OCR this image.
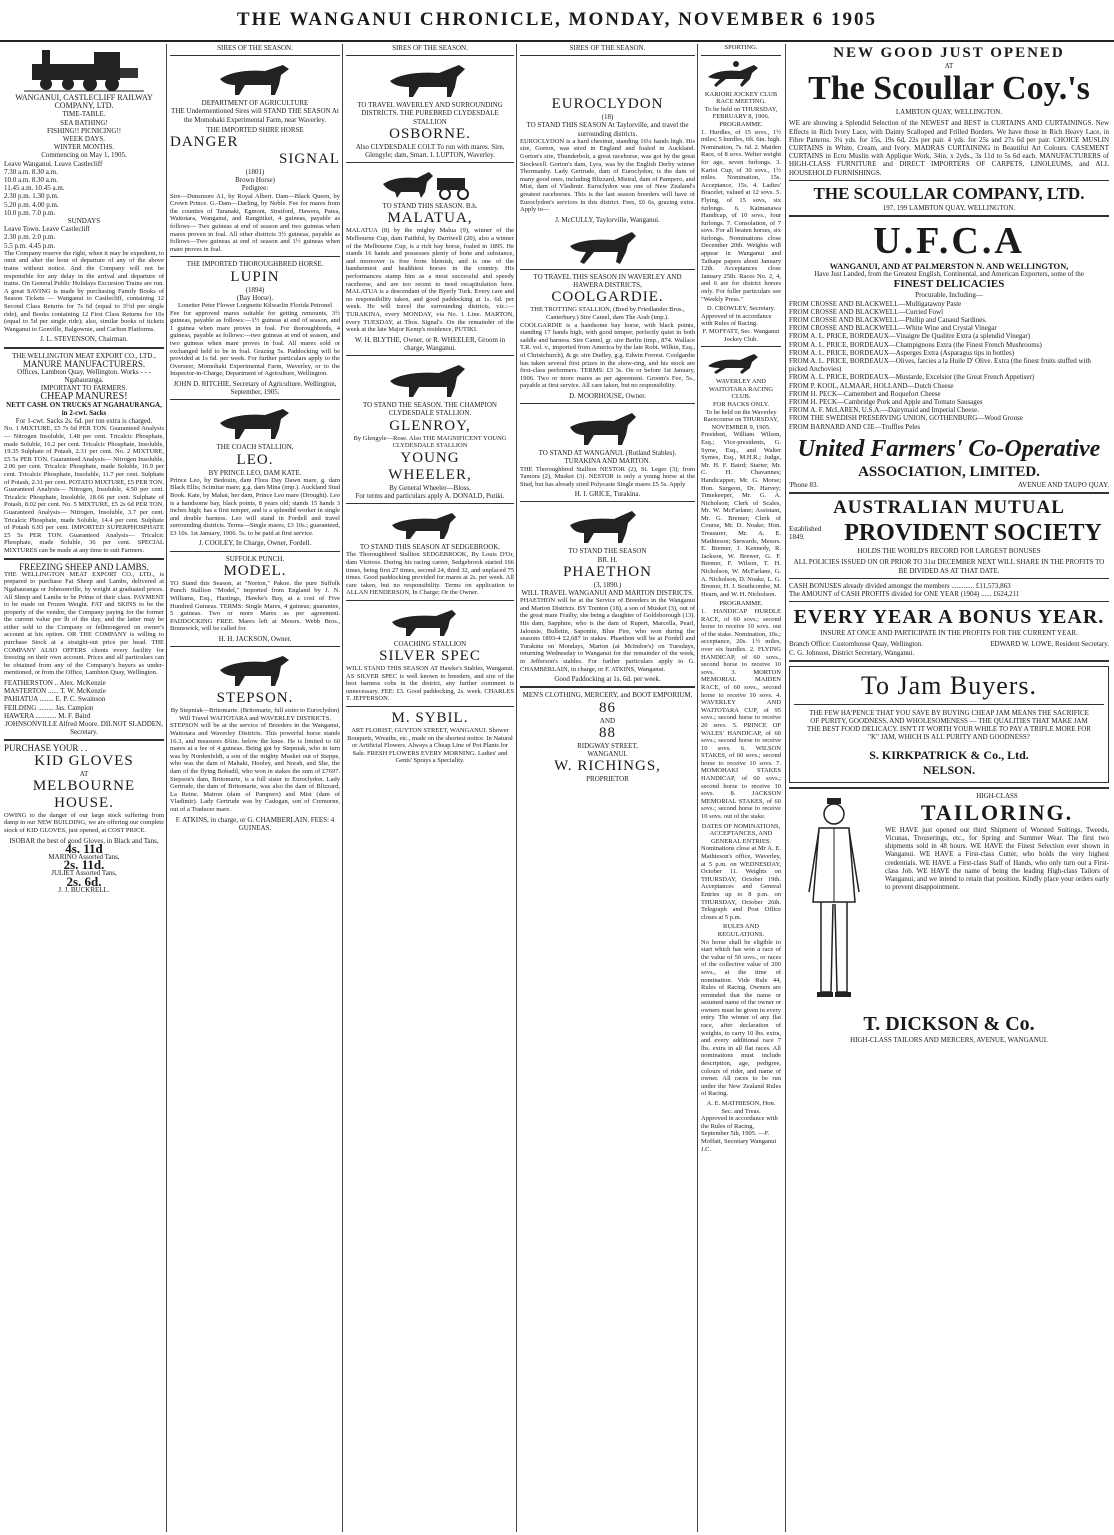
THE WANGANUI CHRONICLE, MONDAY, NOVEMBER 6 1905
WANGANUI, CASTLECLIFF RAILWAY COMPANY, LTD.
TIME-TABLE.
SEA BATHING!
FISHING!! PICNICING!!
WEEK DAYS.
WINTER MONTHS.
Commencing on May 1, 1905.
Leave Wanganui. Leave Castlecliff
7.30 a.m. 8.30 a.m.
10.0 a.m. 8.30 a.m.
11.45 a.m. 10.45 a.m.
2.30 p.m. 1.30 p.m.
5.20 p.m. 4.00 p.m.
10.0 p.m. 7.0 p.m.
SUNDAYS
Leave Town. Leave Castlecliff
2.30 p.m. 2.0 p.m.
5.5 p.m. 4.45 p.m.

The Company reserve the right, when it may be expedient, to omit and alter the hour of departure of any of the above trains without notice. And the Company will not be responsible for any delay in the arrival and departure of trains. On General Public Holidays Excursion Trains are run. A great SAVING is made by purchasing Family Books of Season Tickets — Wanganui to Castlecliff, containing 12 Second Class Returns for 7s 6d (equal to 3½d per single ride), and Books containing 12 First Class Returns for 10s (equal to 5d per single ride); also, similar books of tickets Wanganui to Gonville, Balgownie, and Carlton Platforms.

J. L. STEVENSON, Chairman.
THE WELLINGTON MEAT EXPORT CO., LTD.,
MANURE MANUFACTURERS.
Offices, Lambton Quay, Wellington. Works - - - Ngahauranga.
IMPORTANT TO FARMERS.
CHEAP MANURES!
NETT CASH. ON TRUCKS AT NGAHAURANGA, in 2-cwt. Sacks
For 1-cwt. Sacks 2s. 6d. per ton extra is charged.

No. 1 MIXTURE, £5 7s 6d PER TON. Guaranteed Analysis— Nitrogen Insoluble, 1.48 per cent. Tricalcic Phosphate, made Soluble, 16.2 per cent. Tricalcic Phosphate, Insoluble, 19.35 Sulphate of Potash, 2.31 per cent. No. 2 MIXTURE, £5 5s PER TON. Guaranteed Analysis— Nitrogen Insoluble, 2.06 per cent. Tricalcic Phosphate, made Soluble, 16.9 per cent. Tricalcic Phosphate, Insoluble, 11.7 per cent. Sulphate of Potash, 2.31 per cent. POTATO MIXTURE, £5 PER TON. Guaranteed Analysis— Nitrogen, Insoluble, 4.50 per cent. Tricalcic Phosphate, Insoluble, 18.66 per cent. Sulphate of Potash, 8.02 per cent. No. 5 MIXTURE, £5 2s 6d PER TON. Guaranteed Analysis— Nitrogen, Insoluble, 3.7 per cent. Tricalcic Phosphate, made Soluble, 14.4 per cent. Sulphate of Potash 6.93 per cent. IMPORTED SUPERPHOSPHATE £5 5s PER TON. Guaranteed Analysis— Tricalcic Phosphate, made Soluble, 36 per cent. SPECIAL MIXTURES can be made at any time to suit Farmers.

FREEZING SHEEP AND LAMBS.

THE WELLINGTON MEAT EXPORT CO., LTD., is prepared to purchase Fat Sheep and Lambs, delivered at Ngahauranga or Johnsonville, by weight at graduated prices. All Sheep and Lambs to be Prime of their class. PAYMENT to be made on Frozen Weight. FAT and SKINS to be the property of the vendor, the Company paying for the former the current value per lb of the day, and the latter may be either sold to the Company or fellmongered on owner's account at his option. OR THE COMPANY is willing to purchase Stock at a straight-out price per head. THE COMPANY ALSO OFFERS clients every facility for freezing on their own account. Prices and all particulars can be obtained from any of the Company's buyers as under-mentioned, or from the Office, Lambton Quay, Wellington.

FEATHERSTON .. Alex. McKenzie
MASTERTON ...... T. W. McKenzie
PAHIATUA ........ E. P. C. Swainson
FEILDING ......... Jas. Campion
HAWERA ............ M. F. Baird
JOHNSONVILLE Alfred Moore. DILNOT SLADDEN, Secretary.
PURCHASE YOUR . .
KID GLOVES
AT
MELBOURNE HOUSE.

OWING to the danger of our large stock suffering from damp in our NEW BUILDING, we are offering our complete stock of KID GLOVES, just opened, at COST PRICE.

ISOBAR the best of good Gloves, in Black and Tans,
4s. 11d
MARINO Assorted Tans,
2s. 11d.
JULIET Assorted Tans,
2s. 6d.
J. J. BUCKRELL.
SIRES OF THE SEASON.
DEPARTMENT OF AGRICULTURE

THE Undermentioned Sires will STAND THE SEASON At the Momohaki Experimental Farm, near Waverley.

THE IMPORTED SHIRE HORSE
DANGER
SIGNAL
(1801)
Brown Horse)
Pedigree:

Sire—Dunsmore A1, by Royal Albert. Dam—Black Queen, by Crown Prince. G.-Dam—Darling, by Noble. Fee for mares from the counties of Taranaki, Egmont, Stratford, Hawera, Patea, Waitotara, Wanganui, and Rangitikei, 4 guineas, payable as follows— Two guineas at end of season and two guineas when mares proven in foal. All other districts 3½ guineas, payable as follows—Two guineas at end of season and 1½ guineas when mare proves in foal.

THE IMPORTED THOROUGHBRED HORSE.
LUPIN
(1894)
(Bay Horse).
Lonetter Peter Flower Lorgnette Kilwarlin Florida Petronel

Fee for approved mares suitable for getting remounts, 3½ guineas, payable as follows:—1½ guineas at end of season, and 1 guinea when mare proves in foal. For thoroughbreds, 4 guineas, payable as follows:—two guineas at end of season, and two guineas when mare proves in foal. All mares sold or exchanged held to be in foal. Grazing 5s. Paddocking will be provided at 1s 6d. per week. For further particulars apply to the Overseer, Momohaki Experimental Farm, Waverley, or to the Inspector-in-Charge, Department of Agriculture, Wellington.

JOHN D. RITCHIE, Secretary of Agriculture. Wellington, September, 1905.
THE COACH STALLION,
LEO.
BY PRINCE LEO, DAM KATE.

Prince Leo, by Bedouin, dam Flora Day Dawn mare, g. dam Black Ellis; Scimitar mare; g.g. dam Mina (imp.). Auckland Stud Book. Kate, by Mahai, her dam, Prince Leo mare (Drought). Leo is a handsome bay, black points, 8 years old; stands 15 hands 3 inches high; has a first temper, and is a splendid worker in single and double harness. Leo will stand in Fordell and travel surrounding districts. Terms—Single mares, £3 10s.; guaranteed, £3 10s. 1st January, 1906. 5s. to be paid at first service.

J. COOLEY, In Charge, Owner, Fordell.
SUFFOLK PUNCH.
MODEL.

TO Stand this Season, at "Norton," Pakoe. the pure Suffolk Punch Stallion "Model," imported from England by J. N. Williams, Esq., Hastings, Hawke's Bay, at a cost of Five Hundred Guineas. TERMS: Single Mares, 4 guineas; guarantee, 5 guineas. Two or more Mares as per agreement. PADDOCKING FREE. Mares left at Messrs. Webb Bros., Brunswick, will be called for.

H. H. JACKSON, Owner.
STEPSON.
By Stepniak—Britomarte. (Britomarte, full sister to Euroclydon) Will Travel WAITOTARA and WAVERLEY DISTRICTS.

STEPSON will be at the service of Breeders in the Wanganui, Waitotara and Waverley Districts. This powerful horse stands 16.3, and measures 8¾in. below the knee. He is limited to 60 mares at a fee of 4 guineas. Being got by Stepniak, who in turn was by Nordenfeldt, a son of the mighty Musket out of Steppe, who was the dam of Mahaki, Hooley, and Norah, and She, the dam of the flying Bobadil, who won in stakes the sum of £7697. Stepson's dam, Britomarte, is a full sister to Euroclydon. Lady Gertrude, the dam of Britomarte, was also the dam of Blizzard, La Reine. Matron (dam of Pampero) and Mist (dam of Vladimir). Lady Gertrude was by Cadogan, son of Cremorne, out of a Traducer mare.

F. ATKINS, in charge, or G. CHAMBERLAIN. FEES: 4 GUINEAS.
SIRES OF THE SEASON.
TO TRAVEL WAVERLEY AND SURROUNDING DISTRICTS. THE PUREBRED CLYDESDALE STALLION
OSBORNE.

Also CLYDESDALE COLT To run with mares. Sire, Glengyle; dam, Smart. I. LUPTON, Waverley.

TO STAND THIS SEASON. B.h.
MALATUA,

MALATUA (8) by the mighty Malua (9), winner of the Melbourne Cup, dam Faithful, by Darriwell (20), also a winner of the Melbourne Cup, is a rich bay horse, foaled in 1895. He stands 16 hands and possesses plenty of bone and substance, and moreover is free from blemish, and is one of the handsomest and healthiest horses in the country. His performances stamp him as a most successful and speedy racehorse, and are too recent to need recapitulation here. MALATUA is a descendant of the Byerly Turk. Every care and no responsibility taken, and good paddocking at 1s. 6d. per week. He will travel the surrounding districts, viz.:— TURAKINA, every MONDAY, via No. 1 Line. MARTON, every TUESDAY, at Thos. Signal's. On the remainder of the week at the late Major Kemp's residence, PUTIKI.

W. H. BLYTHE, Owner, or R. WHEELER, Groom in charge, Wanganui.
TO STAND THE SEASON. THE CHAMPION CLYDESDALE STALLION.
GLENROY,
By Glengyle—Rose. Also THE MAGNIFICENT YOUNG CLYDESDALE STALLION
YOUNG
WHEELER,
By General Wheeler—Bloss.
For terms and particulars apply A. DONALD, Putiki.
TO STAND THIS SEASON AT SEDGEBROOK.

The Thoroughbred Stallion SEDGEBROOK, By Louis D'Or, dam Victress. During his racing career, Sedgebrook started 166 times, being first 27 times, second 24, third 32, and unplaced 75 times. Good paddocking provided for mares at 2s. per week. All care taken, but no responsibility. Terms on application to ALLAN HENDERSON, In Charge; Or the Owner.

COACHING STALLION
SILVER SPEC

WILL STAND THIS SEASON AT Hawke's Stables, Wanganui. AS SILVER SPEC is well known to breeders, and sire of the best harness cobs in the district, any further comment is unnecessary. FEE: £3. Good paddocking, 2s. week. CHARLES T. JEFFERSON.

M. SYBIL.

ART FLORIST, GUYTON STREET, WANGANUI. Shower Bouquets, Wreaths, etc., made on the shortest notice. In Natural or Artificial Flowers. Always a Cheap Line of Pot Plants for Sale. FRESH FLOWERS EVERY MORNING. Ladies' and Gents' Sprays a Speciality.

SIRES OF THE SEASON.
EUROCLYDON
(18)
TO STAND THIS SEASON At Taylorville, and travel the surrounding districts.

EUROCLYDON is a hard chestnut, standing 16¼ hands high. His sire, Gorton, was sired in England and foaled in Auckland. Gorton's sire, Thunderbolt, a great racehorse, was got by the great Stockwell. Gorton's dam, Lyra, was by the English Derby winner Thormanby. Lady Gertrude, dam of Euroclydon, is the dam of many good ones, including Blizzard, Mistral, dam of Pampero, and Mist, dam of Vladimir. Euroclydon was one of New Zealand's greatest racehorses. This is the last season breeders will have of Euroclydon's services in this district. Fees, £6 6s, grazing extra. Apply to—

J. McCULLY, Taylorville, Wanganui.
TO TRAVEL THIS SEASON IN WAVERLEY AND HAWERA DISTRICTS,
COOLGARDIE.
THE TROTTING STALLION, (Bred by Friedlander Bros., Canterbury.) Sire Camel, dam The Arab (imp.).

COOLGARDIE is a handsome bay horse, with black points, standing 17 hands high, with good temper, perfectly quiet in both saddle and harness. Sire Camel, gr. sire Berlin (imp., 874. Wallace T.R. vol. v., imported from America by the late Robt. Wilkin, Esq., of Christchurch), & gr. sire Dudley, g.g. Edwin Forrest. Coolgardie has taken several first prizes in the show-ring, and his stock are first-class performers. TERMS: £3 3s. On or before 1st January, 1906. Two or more mares as per agreement. Groom's Fee, 5s., payable at first service. All care taken, but no responsibility.

D. MOORHOUSE, Owner.
TO STAND AT WANGANUI. (Rutland Stables). TURAKINA AND MARTON.

THE Thoroughbred Stallion NESTOR (2), St. Leger (3); from Tamora (2), Musket (3). NESTOR is only a young horse at the Stud, but has already sired Polycaste Single mares £5 5s. Apply

H. I. GRICE, Turakina.
TO STAND THE SEASON
BR. H.
PHAETHON
(3, 1890.)
WILL TRAVEL WANGANUI AND MARTON DISTRICTS.

PHAETHON will be at the Service of Breeders in the Wanganui and Marton Districts. BY Trenton (18), a son of Musket (3), out of the great mare Frailty, she being a daughter of Goldsborough (13). His dam, Sapphire, who is the dam of Rupert, Marcella, Pearl, Jalousie, Bulletin, Saponite, Blue Fire, who won during the seasons 1893-4 £2,687 in stakes. Phaethon will be at Fordell and Turakina on Mondays, Marton (at McIndoe's) on Tuesdays, returning Wednesday to Wanganui for the remainder of the week, in Jefferson's stables. For further particulars apply to G. CHAMBERLAIN, in charge, or F. ATKINS, Wanganui.

Good Paddocking at 1s. 6d. per week.
MEN'S CLOTHING, MERCERY, and BOOT EMPORIUM.
86
AND
88
RIDGWAY STREET,
WANGANUI.
W. RICHINGS,
PROPRIETOR
SPORTING.
KARIORI JOCKEY CLUB RACE MEETING.
To be held on THURSDAY, FEBRUARY 8, 1906.
PROGRAMME.

1. Hurdles, of 15 sovs., 1½ miles; 5 hurdles, 6ft. 6in. high. Nomination, 7s. 6d. 2. Maiden Race, of 8 sovs. Welter weight for age, seven furlongs. 3. Karioi Cup, of 30 sovs., 1½ miles. Nomination, 15s. Acceptance, 15s. 4. Ladies' Bracelet, valued at 12 sovs. 5. Flying, of 15 sovs, six furlongs. 6. Kaimanawa Handicap, of 10 sovs., four furlongs. 7. Consolation, of 7 sovs. For all beaten horses, six furlongs. Nominations close December 20th. Weights will appear in Wanganui and Taihape papers about January 12th. Acceptances close January 25th. Races No. 2, 4, and 6 are for district horses only. For fuller particulars see "Weekly Press."

D. CROWLEY, Secretary.
Approved of in accordance with Rules of Racing.
F. MOFFATT, Sec. Wanganui Jockey Club.
WAVERLEY AND WAITOTARA RACING CLUB.
FOR HACKS ONLY.
To be held on the Waverley Racecourse on THURSDAY, NOVEMBER 9, 1905.

President, William Wilson, Esq.; Vice-presidents, G. Syme, Esq., and Walter Symes, Esq., M.H.R.; Judge, Mr. H. F. Baird; Starter, Mr. C. H. Chavannes; Handicapper, Mr. G. Morse; Hon. Surgeon, Dr. Harvey; Timekeeper, Mr. G. A. Nicholson; Clerk of Scales, Mr. W. McFarlane; Assistant, Mr. G. Bremer; Clerk of Course, Mr. D. Noake; Hon. Treasurer, Mr. A. E. Mathieson; Stewards, Messrs. E. Bremer, J. Kennedy, R. Jackson, W. Brewer, G. F. Bremer, F. Wilson, T. H. Nicholson, W. McFarlane, G. A. Nicholson, D. Noake, L. G. Bremer, H. J. Southcombe, M. Hearn, and W. H. Nicholson.

PROGRAMME.

1. HANDICAP HURDLE RACE, of 60 sovs.; second horse to receive 10 sovs. out of the stake. Nomination, 10s.; acceptance, 20s. 1½ miles, over six hurdles. 2. FLYING HANDICAP, of 60 sovs., second horse to receive 10 sovs. 3. MORTON MEMORIAL MAIDEN RACE, of 60 sovs., second horse to receive 10 sovs. 4. WAVERLEY AND WAITOTARA CUP, of 95 sovs.; second horse to receive 20 sovs. 5. PRINCE OF WALES' HANDICAP, of 60 sovs.; second horse to receive 10 sovs. 6. WILSON STAKES, of 60 sovs.; second horse to receive 10 sovs. 7. MOMOHAKI STAKES HANDICAP, of 60 sovs.; second horse to receive 10 sovs. 8. JACKSON MEMORIAL STAKES, of 60 sovs.; second horse to receive 10 sovs. out of the stake.

DATES OF NOMINATIONS, ACCEPTANCES, AND GENERAL ENTRIES.

Nominations close at Mr A. E. Mathieson's office, Waverley, at 5 p.m. on WEDNESDAY, October 11. Weights on THURSDAY, October 19th. Acceptances and General Entries up to 8 p.m. on THURSDAY, October 26th. Telegraph and Post Office closes at 5 p.m.

RULES AND REGULATIONS.

No horse shall be eligible to start which has won a race of the value of 50 sovs., or races of the collective value of 200 sovs., at the time of nomination. Vide Rule 44, Rules of Racing. Owners are reminded that the name or assumed name of the owner or owners must be given in every entry. The winner of any flat race, after declaration of weights, to carry 10 lbs. extra, and every additional race 7 lbs. extra in all flat races. All nominations must include description, age, pedigree, colours of rider, and name of owner. All races to be run under the New Zealand Rules of Racing.

A. E. MATHIESON, Hon. Sec. and Treas.
Approved in accordance with the Rules of Racing, September 5th, 1905. —F. Moffatt, Secretary Wanganui J.C.
NEW GOOD JUST OPENED
AT
The Scoullar Coy.'s
LAMBTON QUAY, WELLINGTON.

WE are showing a Splendid Selection of the NEWEST and BEST in CURTAINS AND CURTAININGS. New Effects in Rich Ivory Lace, with Dainty Scalloped and Frilled Borders. We have those in Rich Heavy Lace, in Fibre Patterns. 3¼ yds. for 15s, 19s 6d, 22s per pair. 4 yds. for 25s and 27s 6d per pair. CHOICE MUSLIN CURTAINS in White, Cream, and Ivory. MADRAS CURTAINING in Beautiful Art Colours. CASEMENT CURTAINS in Ecru Muslin with Applique Work, 34in. x 2yds., 3s 11d to 5s 6d each. MANUFACTURERS of HIGH-CLASS FURNITURE and DIRECT IMPORTERS OF CARPETS, LINOLEUMS, and ALL HOUSEHOLD FURNISHINGS.

THE SCOULLAR COMPANY, LTD.
197, 199 LAMBTON QUAY, WELLINGTON.
U.F.C.A
WANGANUI, AND AT PALMERSTON N. AND WELLINGTON,
Have Just Landed, from the Greatest English, Continental, and American Exporters, some of the
FINEST DELICACIES
Procurable, Including—
FROM CROSSE AND BLACKWELL—Mulligatawny Paste
FROM CROSSE AND BLACKWELL—Curried Fowl
FROM CROSSE AND BLACKWELL—Phillip and Canaud Sardines.
FROM CROSSE AND BLACKWELL—White Wine and Crystal Vinegar
FROM A. L. PRICE, BORDEAUX—Vinaigre De Qualitre Extra (a splendid Vinegar)
FROM A. L. PRICE, BORDEAUX—Champignons Extra (the Finest French Mushrooms)
FROM A. L. PRICE, BORDEAUX—Asperges Extra (Asparagus tips in bottles)
FROM A. L. PRICE, BORDEAUX—Olives, farcies a la Huile D' Olive. Extra (the finest fruits stuffed with picked Anchovies)
FROM A. L. PRICE, BORDEAUX—Mustarde, Excelsior (the Great French Appetiser)
FROM P. KOOL, ALMAAR, HOLLAND—Dutch Cheese
FROM H. PECK—Camembert and Roquefort Cheese
FROM H. PECK—Cambridge Pork and Apple and Tomato Sausages
FROM A. F. McLAREN, U.S.A.—Dairymaid and Imperial Cheese.
FROM THE SWEDISH PRESERVING UNION, GOTHENBURG—Wood Grouse
FROM BARNARD AND CIE—Truffles Peles
United Farmers' Co-Operative
ASSOCIATION, LIMITED.
'Phone 83.	AVENUE AND TAUPO QUAY.
AUSTRALIAN MUTUAL
Established 1849.	PROVIDENT SOCIETY
HOLDS THE WORLD'S RECORD FOR LARGEST BONUSES
ALL POLICIES ISSUED ON OR PRIOR TO 31st DECEMBER NEXT WILL SHARE IN THE PROFITS TO BE DIVIDED AS AT THAT DATE.
CASH BONUSES already divided amongst the members ............. £11,573,863
The AMOUNT of CASH PROFITS divided for ONE YEAR (1904) ...... £624,211
EVERY YEAR A BONUS YEAR.
INSURE AT ONCE AND PARTICIPATE IN THE PROFITS FOR THE CURRENT YEAR.
Branch Office: Customhouse Quay, Wellington. C. G. Johnson, District Secretary, Wanganui.
EDWARD W. LOWE, Resident Secretary.
To Jam Buyers.

THE FEW HA'PENCE THAT YOU SAVE BY BUYING CHEAP JAM MEANS THE SACRIFICE OF PURITY, GOODNESS, AND WHOLESOMENESS — THE QUALITIES THAT MAKE JAM THE BEST FOOD DELICACY. ISN'T IT WORTH YOUR WHILE TO PAY A TRIFLE MORE FOR "K" JAM, WHICH IS ALL PURITY AND GOODNESS?

S. KIRKPATRICK & Co., Ltd.
NELSON.
HIGH-CLASS
TAILORING.

WE HAVE just opened our third Shipment of Worsted Suitings, Tweeds, Vicunas, Trouserings, etc., for Spring and Summer Wear. The first two shipments sold in 48 hours. WE HAVE the Finest Selection ever shown in Wanganui. WE HAVE a First-class Cutter, who holds the very highest credentials. WE HAVE a First-class Staff of Hands, who only turn out a First-class Job. WE HAVE the name of being the leading High-class Tailors of Wanganui, and we intend to retain that position. Kindly place your orders early to prevent disappointment.

T. DICKSON & Co.
HIGH-CLASS TAILORS AND MERCERS, AVENUE, WANGANUI.
